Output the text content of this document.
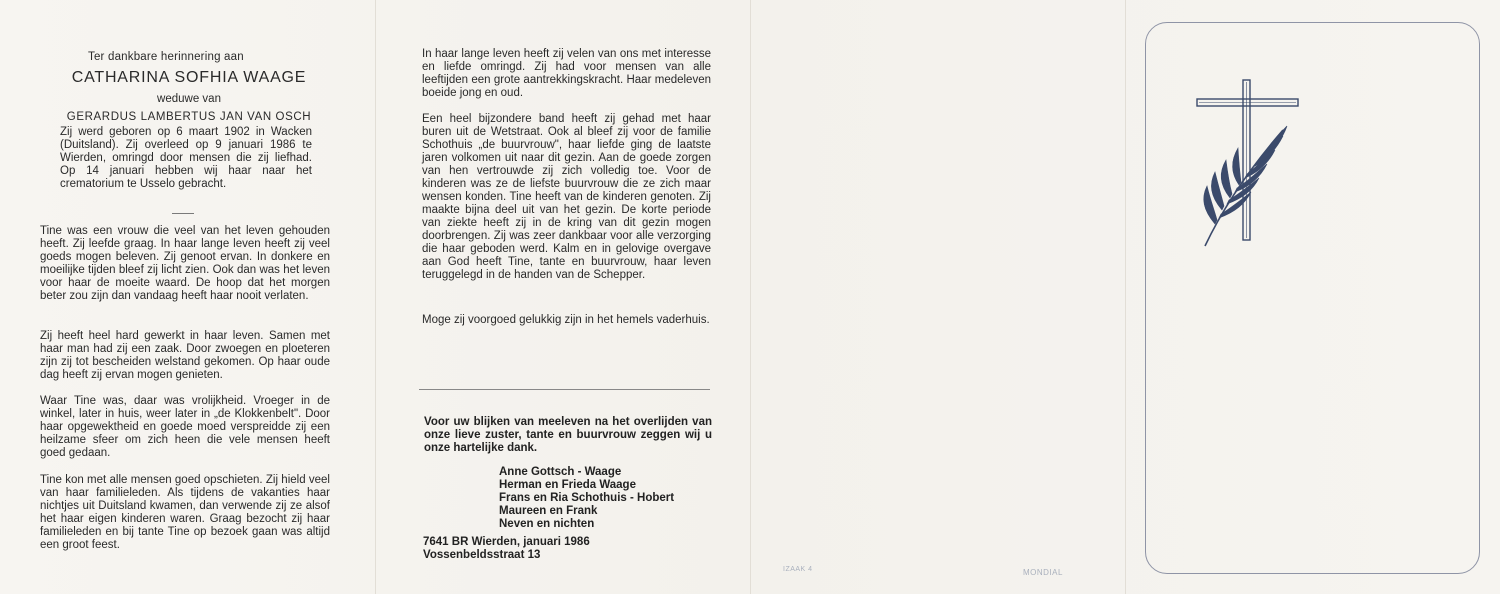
Ter dankbare herinnering aan
CATHARINA SOFHIA WAAGE
weduwe van
GERARDUS LAMBERTUS JAN VAN OSCH

Zij werd geboren op 6 maart 1902 in Wacken (Duitsland). Zij overleed op 9 januari 1986 te Wierden, omringd door mensen die zij liefhad. Op 14 januari hebben wij haar naar het crematorium te Usselo gebracht.

Tine was een vrouw die veel van het leven gehouden heeft. Zij leefde graag. In haar lange leven heeft zij veel goeds mogen beleven. Zij genoot ervan. In donkere en moeilijke tijden bleef zij licht zien. Ook dan was het leven voor haar de moeite waard. De hoop dat het morgen beter zou zijn dan vandaag heeft haar nooit verlaten.

Zij heeft heel hard gewerkt in haar leven. Samen met haar man had zij een zaak. Door zwoegen en ploeteren zijn zij tot bescheiden welstand gekomen. Op haar oude dag heeft zij ervan mogen genieten.

Waar Tine was, daar was vrolijkheid. Vroeger in de winkel, later in huis, weer later in „de Klokkenbelt". Door haar opgewektheid en goede moed verspreidde zij een heilzame sfeer om zich heen die vele mensen heeft goed gedaan.

Tine kon met alle mensen goed opschieten. Zij hield veel van haar familieleden. Als tijdens de vakanties haar nichtjes uit Duitsland kwamen, dan verwende zij ze alsof het haar eigen kinderen waren. Graag bezocht zij haar familieleden en bij tante Tine op bezoek gaan was altijd een groot feest.

In haar lange leven heeft zij velen van ons met interesse en liefde omringd. Zij had voor mensen van alle leeftijden een grote aantrekkingskracht. Haar medeleven boeide jong en oud.

Een heel bijzondere band heeft zij gehad met haar buren uit de Wetstraat. Ook al bleef zij voor de familie Schothuis „de buurvrouw", haar liefde ging de laatste jaren volkomen uit naar dit gezin. Aan de goede zorgen van hen vertrouwde zij zich volledig toe. Voor de kinderen was ze de liefste buurvrouw die ze zich maar wensen konden. Tine heeft van de kinderen genoten. Zij maakte bijna deel uit van het gezin. De korte periode van ziekte heeft zij in de kring van dit gezin mogen doorbrengen. Zij was zeer dankbaar voor alle verzorging die haar geboden werd. Kalm en in gelovige overgave aan God heeft Tine, tante en buurvrouw, haar leven teruggelegd in de handen van de Schepper.

Moge zij voorgoed gelukkig zijn in het hemels vaderhuis.

Voor uw blijken van meeleven na het overlijden van onze lieve zuster, tante en buurvrouw zeggen wij u onze hartelijke dank.

Anne Gottsch - Waage
Herman en Frieda Waage
Frans en Ria Schothuis - Hobert
Maureen en Frank
Neven en nichten
7641 BR Wierden, januari 1986
Vossenbeldsstraat 13
IZAAK 4	MONDIAL
